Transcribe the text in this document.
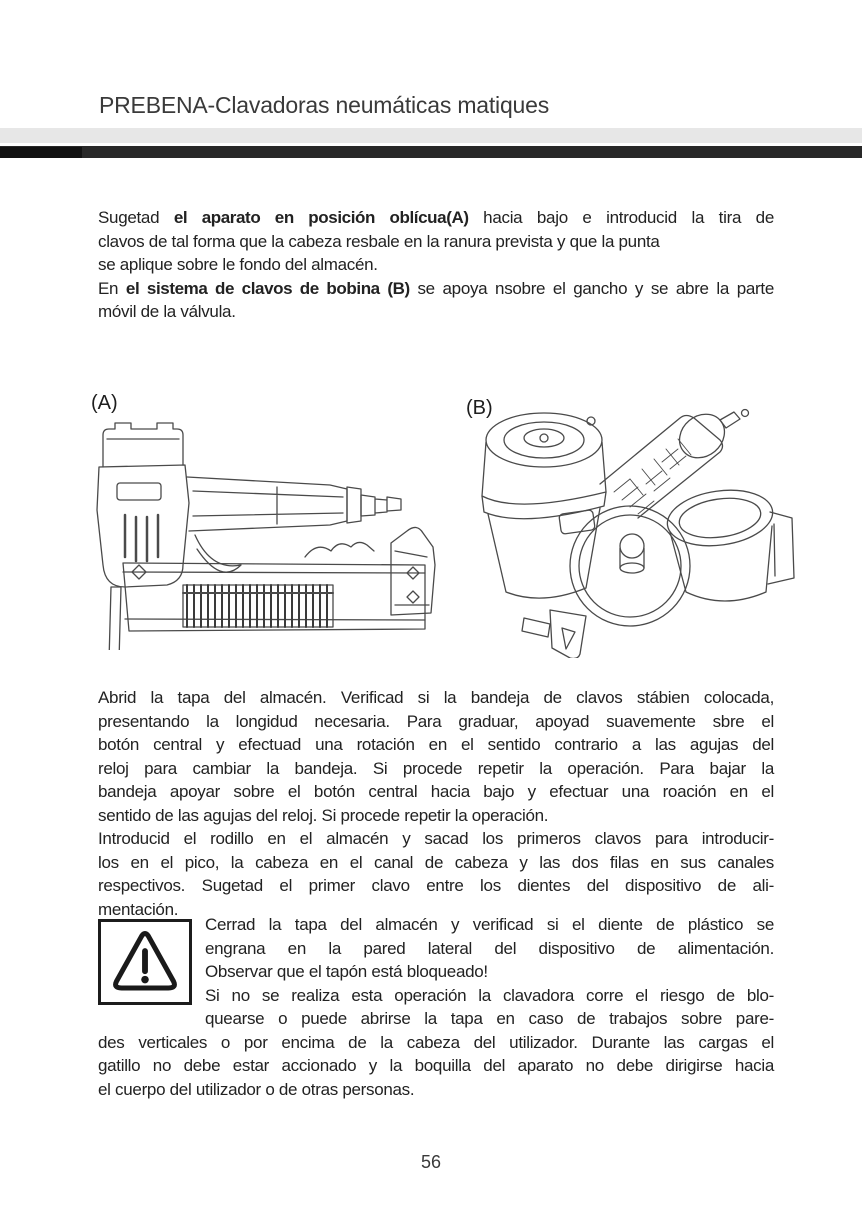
PREBENA-Clavadoras neumáticas matiques
Sugetad el aparato en posición oblícua(A) hacia bajo e introducid la tira de
clavos de tal forma que la cabeza resbale en la ranura prevista y que la punta
se aplique sobre le fondo del almacén.
En el sistema de clavos de bobina (B) se apoya nsobre el gancho y se abre la parte
móvil de la válvula.
(A)	(B)
Abrid la tapa del almacén. Verificad si la bandeja de clavos stábien colocada,
presentando la longidud necesaria. Para graduar, apoyad suavemente sbre el
botón central y efectuad una rotación en el sentido contrario a las agujas del
reloj para cambiar la bandeja. Si procede repetir la operación. Para bajar la
bandeja apoyar sobre el botón central hacia bajo y efectuar una roación en el
sentido de las agujas del reloj. Si procede repetir la operación.
Introducid el rodillo en el almacén y sacad los primeros clavos para introducir-
los en el pico, la cabeza en el canal de cabeza y las dos filas en sus canales
respectivos. Sugetad el primer clavo entre los dientes del dispositivo de ali-
mentación.
Cerrad la tapa del almacén y verificad si el diente de plástico se
engrana en la pared lateral del dispositivo de alimentación.
Observar que el tapón está bloqueado!
Si no se realiza esta operación la clavadora corre el riesgo de blo-
quearse o puede abrirse la tapa en caso de trabajos sobre pare-
des verticales o por encima de la cabeza del utilizador. Durante las cargas el
gatillo no debe estar accionado y la boquilla del aparato no debe dirigirse hacia
el cuerpo del utilizador o de otras personas.
56
